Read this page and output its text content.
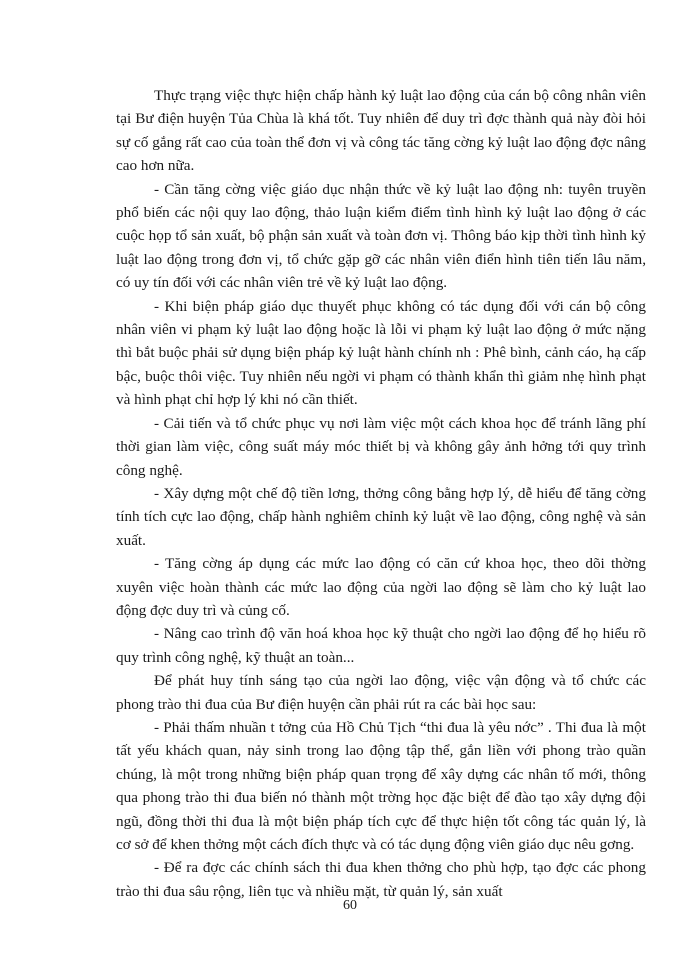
Thực trạng việc thực hiện chấp hành kỷ luật lao động của cán bộ công nhân viên tại Bư điện huyện Tủa Chùa là khá tốt. Tuy nhiên để duy trì đợc thành quả này đòi hỏi sự cố gắng rất cao của toàn thể đơn vị và công tác tăng cờng kỷ luật lao động đợc nâng cao hơn nữa.

- Cần tăng cờng việc giáo dục nhận thức về kỷ luật lao động nh: tuyên truyền phổ biến các nội quy lao động, thảo luận kiểm điểm tình hình kỷ luật lao động ở các cuộc họp tổ sản xuất, bộ phận sản xuất và toàn đơn vị. Thông báo kịp thời tình hình kỷ luật lao động trong đơn vị, tổ chức gặp gỡ các nhân viên điển hình tiên tiến lâu năm, có uy tín đối với các nhân viên trẻ về kỷ luật lao động.

- Khi biện pháp giáo dục thuyết phục không có tác dụng đối với cán bộ công nhân viên vi phạm kỷ luật lao động hoặc là lỗi vi phạm kỷ luật lao động ở mức nặng thì bắt buộc phải sử dụng biện pháp kỷ luật hành chính nh : Phê bình, cảnh cáo, hạ cấp bậc, buộc thôi việc. Tuy nhiên nếu ngời vi phạm có thành khẩn thì giảm nhẹ hình phạt và hình phạt chỉ hợp lý khi nó cần thiết.

- Cải tiến và tổ chức phục vụ nơi làm việc một cách khoa học để tránh lãng phí thời gian làm việc, công suất máy móc thiết bị và không gây ảnh hởng tới quy trình công nghệ.

- Xây dựng một chế độ tiền lơng, thởng công bằng hợp lý, dễ hiểu để tăng cờng tính tích cực lao động, chấp hành nghiêm chỉnh kỷ luật về lao động, công nghệ và sản xuất.

- Tăng cờng áp dụng các mức lao động có căn cứ khoa học, theo dõi thờng xuyên việc hoàn thành các mức lao động của ngời lao động sẽ làm cho kỷ luật lao động đợc duy trì và củng cố.

- Nâng cao trình độ văn hoá khoa học kỹ thuật cho ngời lao động để họ hiểu rõ quy trình công nghệ, kỹ thuật an toàn...

Để phát huy tính sáng tạo của ngời lao động, việc vận động và tổ chức các phong trào thi đua của Bư điện huyện cần phải rút ra các bài học sau:

- Phải thấm nhuần t tởng của Hồ Chủ Tịch “thi đua là yêu nớc” . Thi đua là một tất yếu khách quan, nảy sinh trong lao động tập thể, gắn liền với phong trào quần chúng, là một trong những biện pháp quan trọng để xây dựng các nhân tố mới, thông qua phong trào thi đua biến nó thành một trờng học đặc biệt để đào tạo xây dựng đội ngũ, đồng thời thi đua là một biện pháp tích cực để thực hiện tốt công tác quản lý, là cơ sở để khen thởng một cách đích thực và có tác dụng động viên giáo dục nêu gơng.

- Để ra đợc các chính sách thi đua khen thởng cho phù hợp, tạo đợc các phong trào thi đua sâu rộng, liên tục và nhiều mặt, từ quản lý, sản xuất

60
